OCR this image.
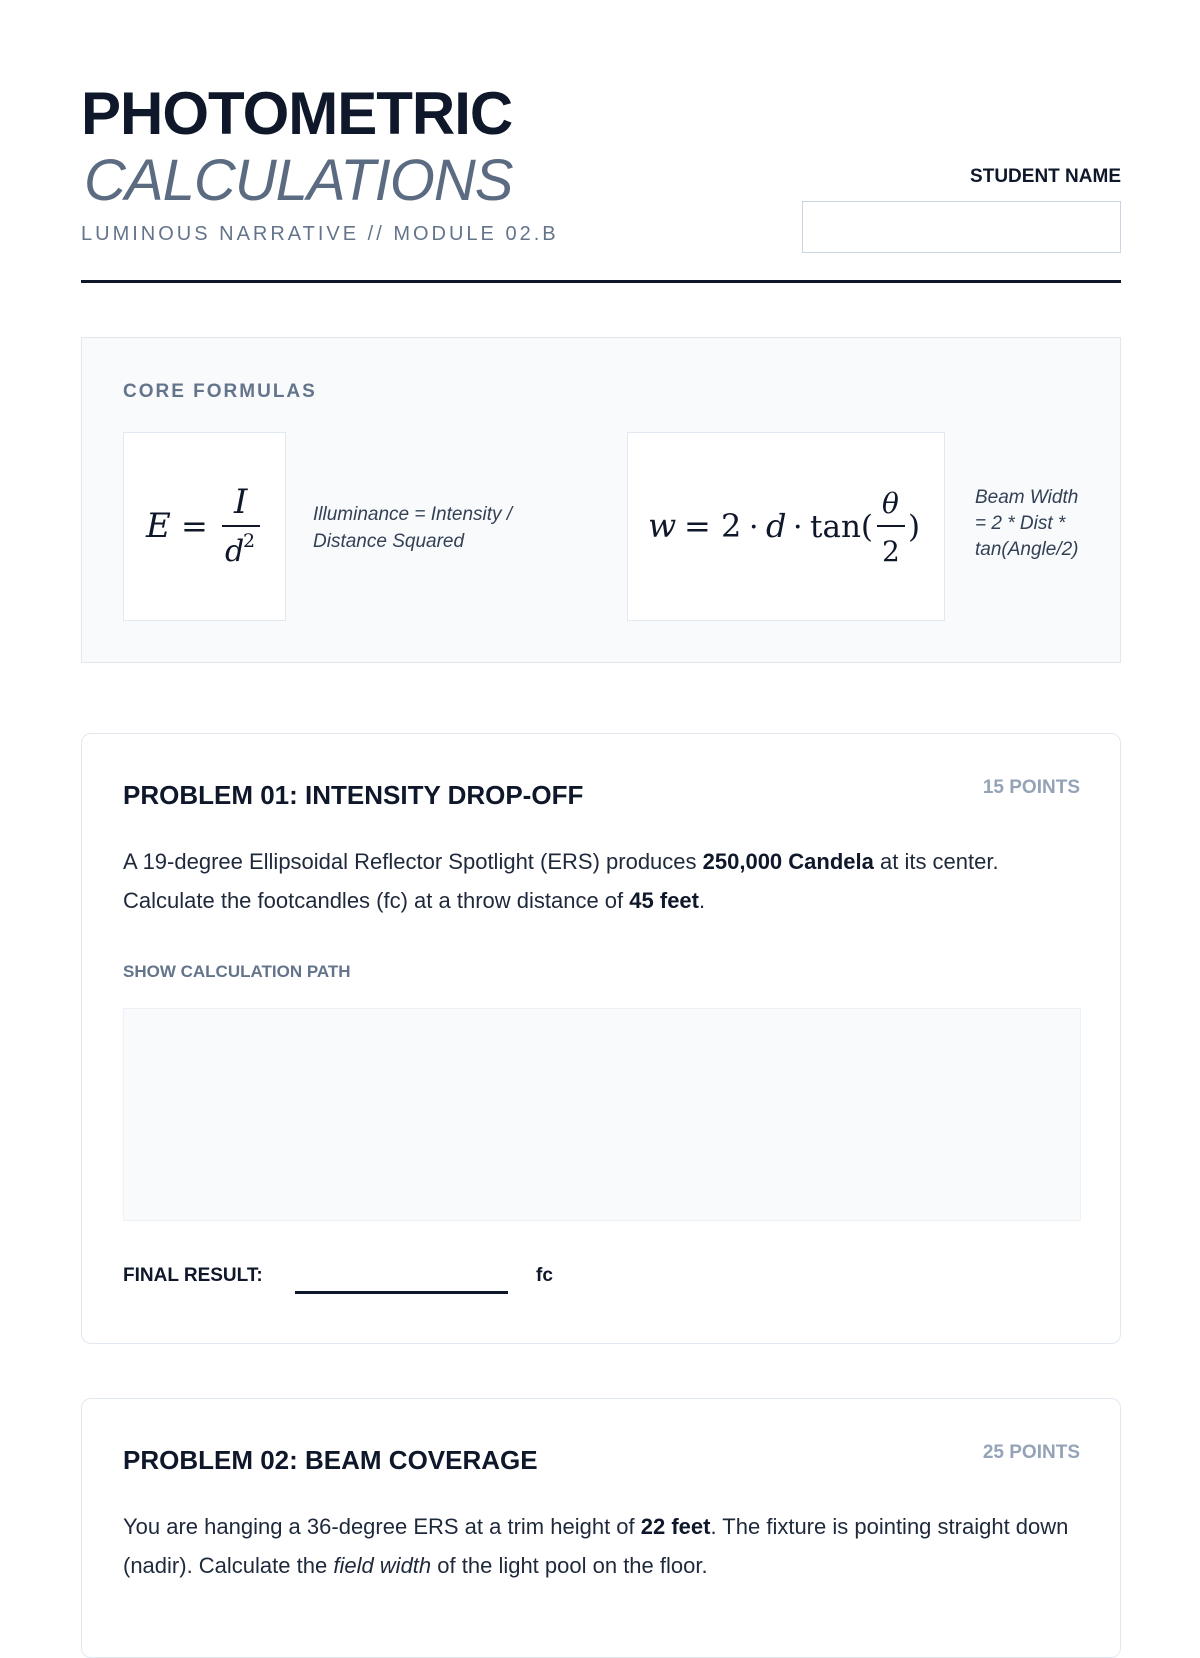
PHOTOMETRIC
CALCULATIONS
LUMINOUS NARRATIVE // MODULE 02.B
STUDENT NAME
CORE FORMULAS
E =
I
d
2
Illuminance = Intensity / Distance Squared	w = 2 · d · tan(
θ
2
)
Beam Width
= 2 * Dist *
tan(Angle/2)
PROBLEM 01: INTENSITY DROP-OFF	15 POINTS
A 19-degree Ellipsoidal Reflector Spotlight (ERS) produces 250,000 Candela at its center. Calculate the footcandles (fc) at a throw distance of 45 feet.
SHOW CALCULATION PATH
FINAL RESULT:	fc
PROBLEM 02: BEAM COVERAGE	25 POINTS
You are hanging a 36-degree ERS at a trim height of 22 feet. The fixture is pointing straight down (nadir). Calculate the field width of the light pool on the floor.
